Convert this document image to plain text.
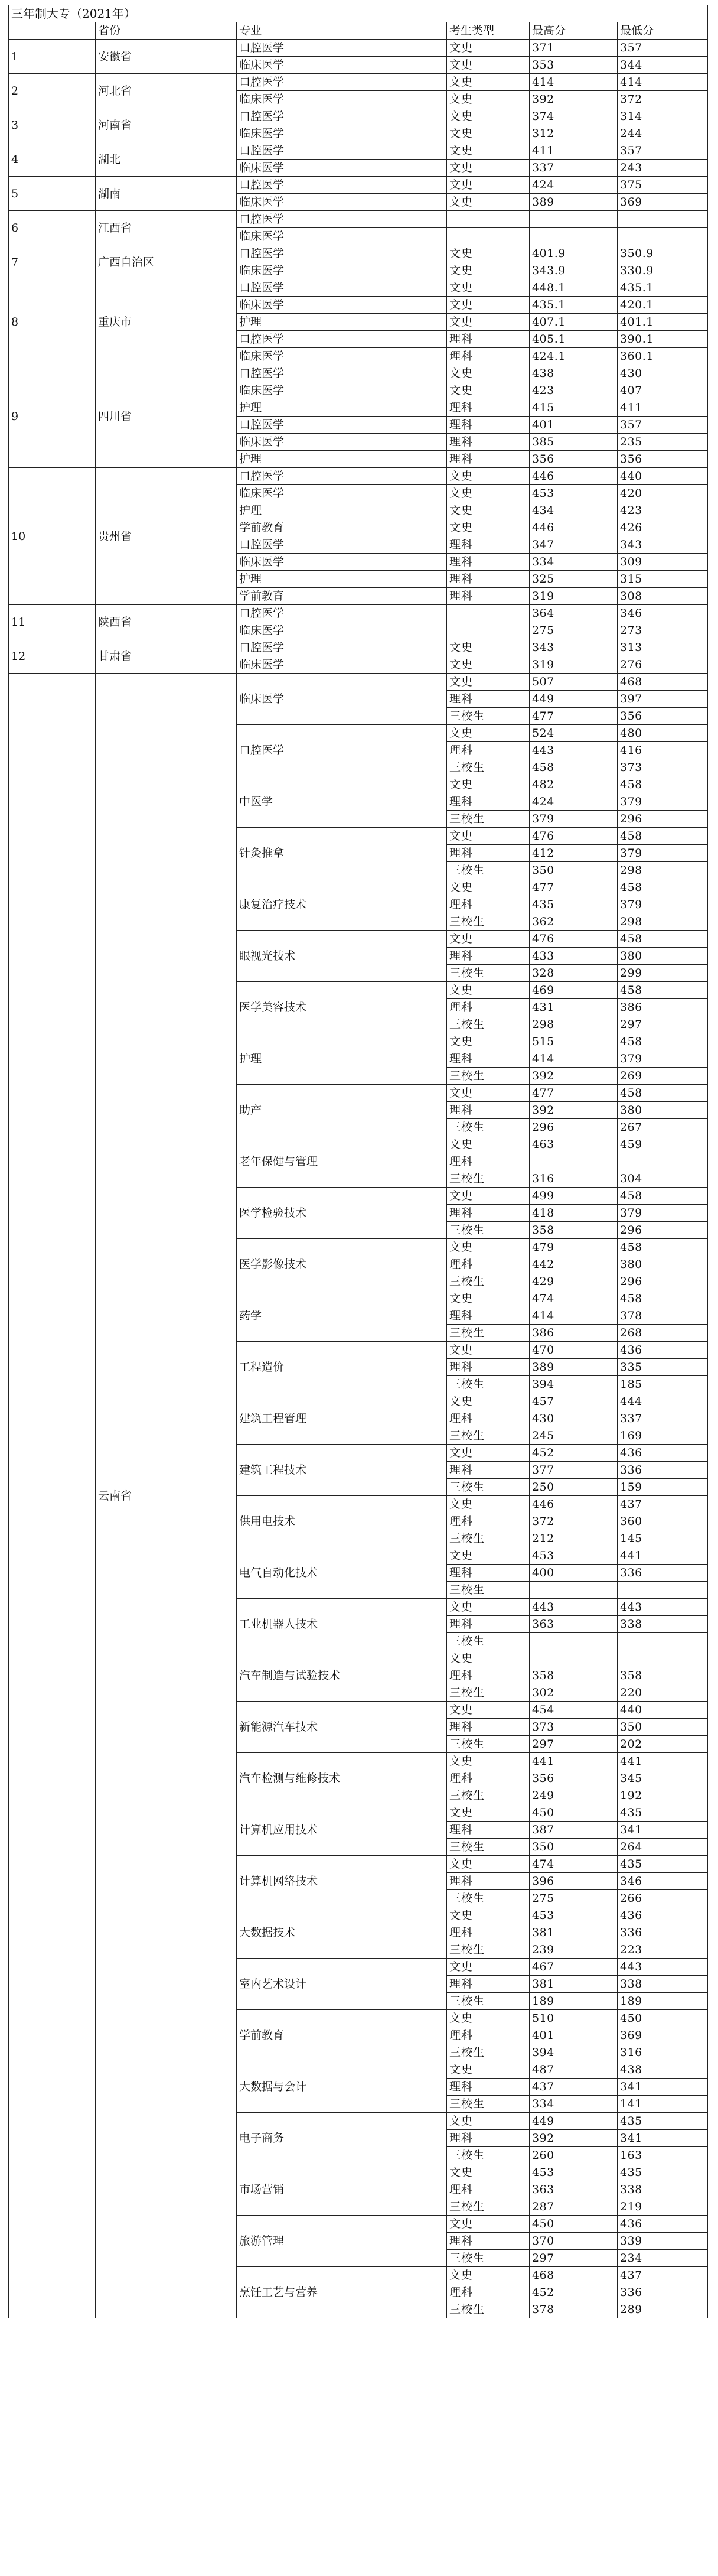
三年制大专（2021年）					
	省份	专业	考生类型	最高分	最低分
1	安徽省	口腔医学	文史	371	357
		临床医学	文史	353	344
2	河北省	口腔医学	文史	414	414
		临床医学	文史	392	372
3	河南省	口腔医学	文史	374	314
		临床医学	文史	312	244
4	湖北	口腔医学	文史	411	357
		临床医学	文史	337	243
5	湖南	口腔医学	文史	424	375
		临床医学	文史	389	369
6	江西省	口腔医学			
		临床医学			
7	广西自治区	口腔医学	文史	401.9	350.9
		临床医学	文史	343.9	330.9
8	重庆市	口腔医学	文史	448.1	435.1
		临床医学	文史	435.1	420.1
		护理	文史	407.1	401.1
		口腔医学	理科	405.1	390.1
		临床医学	理科	424.1	360.1
9	四川省	口腔医学	文史	438	430
		临床医学	文史	423	407
		护理	理科	415	411
		口腔医学	理科	401	357
		临床医学	理科	385	235
		护理	理科	356	356
10	贵州省	口腔医学	文史	446	440
		临床医学	文史	453	420
		护理	文史	434	423
		学前教育	文史	446	426
		口腔医学	理科	347	343
		临床医学	理科	334	309
		护理	理科	325	315
		学前教育	理科	319	308
11	陕西省	口腔医学		364	346
		临床医学		275	273
12	甘肃省	口腔医学	文史	343	313
		临床医学	文史	319	276
	云南省	临床医学	文史	507	468
			理科	449	397
			三校生	477	356
		口腔医学	文史	524	480
			理科	443	416
			三校生	458	373
		中医学	文史	482	458
			理科	424	379
			三校生	379	296
		针灸推拿	文史	476	458
			理科	412	379
			三校生	350	298
		康复治疗技术	文史	477	458
			理科	435	379
			三校生	362	298
		眼视光技术	文史	476	458
			理科	433	380
			三校生	328	299
		医学美容技术	文史	469	458
			理科	431	386
			三校生	298	297
		护理	文史	515	458
			理科	414	379
			三校生	392	269
		助产	文史	477	458
			理科	392	380
			三校生	296	267
		老年保健与管理	文史	463	459
			理科		
			三校生	316	304
		医学检验技术	文史	499	458
			理科	418	379
			三校生	358	296
		医学影像技术	文史	479	458
			理科	442	380
			三校生	429	296
		药学	文史	474	458
			理科	414	378
			三校生	386	268
		工程造价	文史	470	436
			理科	389	335
			三校生	394	185
		建筑工程管理	文史	457	444
			理科	430	337
			三校生	245	169
		建筑工程技术	文史	452	436
			理科	377	336
			三校生	250	159
		供用电技术	文史	446	437
			理科	372	360
			三校生	212	145
		电气自动化技术	文史	453	441
			理科	400	336
			三校生		
		工业机器人技术	文史	443	443
			理科	363	338
			三校生		
		汽车制造与试验技术	文史		
			理科	358	358
			三校生	302	220
		新能源汽车技术	文史	454	440
			理科	373	350
			三校生	297	202
		汽车检测与维修技术	文史	441	441
			理科	356	345
			三校生	249	192
		计算机应用技术	文史	450	435
			理科	387	341
			三校生	350	264
		计算机网络技术	文史	474	435
			理科	396	346
			三校生	275	266
		大数据技术	文史	453	436
			理科	381	336
			三校生	239	223
		室内艺术设计	文史	467	443
			理科	381	338
			三校生	189	189
		学前教育	文史	510	450
			理科	401	369
			三校生	394	316
		大数据与会计	文史	487	438
			理科	437	341
			三校生	334	141
		电子商务	文史	449	435
			理科	392	341
			三校生	260	163
		市场营销	文史	453	435
			理科	363	338
			三校生	287	219
		旅游管理	文史	450	436
			理科	370	339
			三校生	297	234
		烹饪工艺与营养	文史	468	437
			理科	452	336
			三校生	378	289
